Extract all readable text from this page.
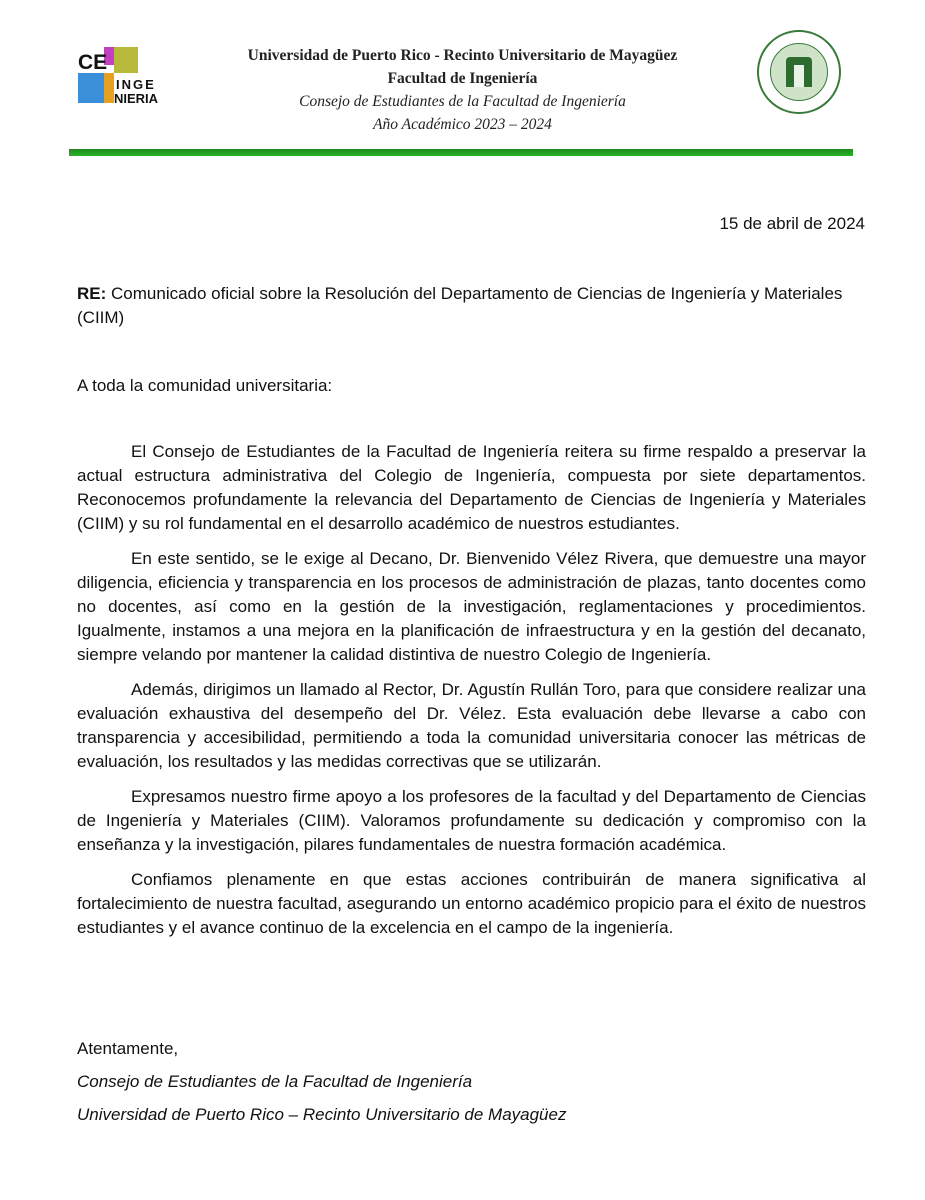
CE
INGE
NIERIA
Universidad de Puerto Rico - Recinto Universitario de Mayagüez
Facultad de Ingeniería
Consejo de Estudiantes de la Facultad de Ingeniería
Año Académico 2023 – 2024
15 de abril de 2024
RE: Comunicado oficial sobre la Resolución del Departamento de Ciencias de Ingeniería y Materiales (CIIM)
A toda la comunidad universitaria:

El Consejo de Estudiantes de la Facultad de Ingeniería reitera su firme respaldo a preservar la actual estructura administrativa del Colegio de Ingeniería, compuesta por siete departamentos. Reconocemos profundamente la relevancia del Departamento de Ciencias de Ingeniería y Materiales (CIIM) y su rol fundamental en el desarrollo académico de nuestros estudiantes.

En este sentido, se le exige al Decano, Dr. Bienvenido Vélez Rivera, que demuestre una mayor diligencia, eficiencia y transparencia en los procesos de administración de plazas, tanto docentes como no docentes, así como en la gestión de la investigación, reglamentaciones y procedimientos. Igualmente, instamos a una mejora en la planificación de infraestructura y en la gestión del decanato, siempre velando por mantener la calidad distintiva de nuestro Colegio de Ingeniería.

Además, dirigimos un llamado al Rector, Dr. Agustín Rullán Toro, para que considere realizar una evaluación exhaustiva del desempeño del Dr. Vélez. Esta evaluación debe llevarse a cabo con transparencia y accesibilidad, permitiendo a toda la comunidad universitaria conocer las métricas de evaluación, los resultados y las medidas correctivas que se utilizarán.

Expresamos nuestro firme apoyo a los profesores de la facultad y del Departamento de Ciencias de Ingeniería y Materiales (CIIM). Valoramos profundamente su dedicación y compromiso con la enseñanza y la investigación, pilares fundamentales de nuestra formación académica.

Confiamos plenamente en que estas acciones contribuirán de manera significativa al fortalecimiento de nuestra facultad, asegurando un entorno académico propicio para el éxito de nuestros estudiantes y el avance continuo de la excelencia en el campo de la ingeniería.

Atentamente,
Consejo de Estudiantes de la Facultad de Ingeniería
Universidad de Puerto Rico – Recinto Universitario de Mayagüez
